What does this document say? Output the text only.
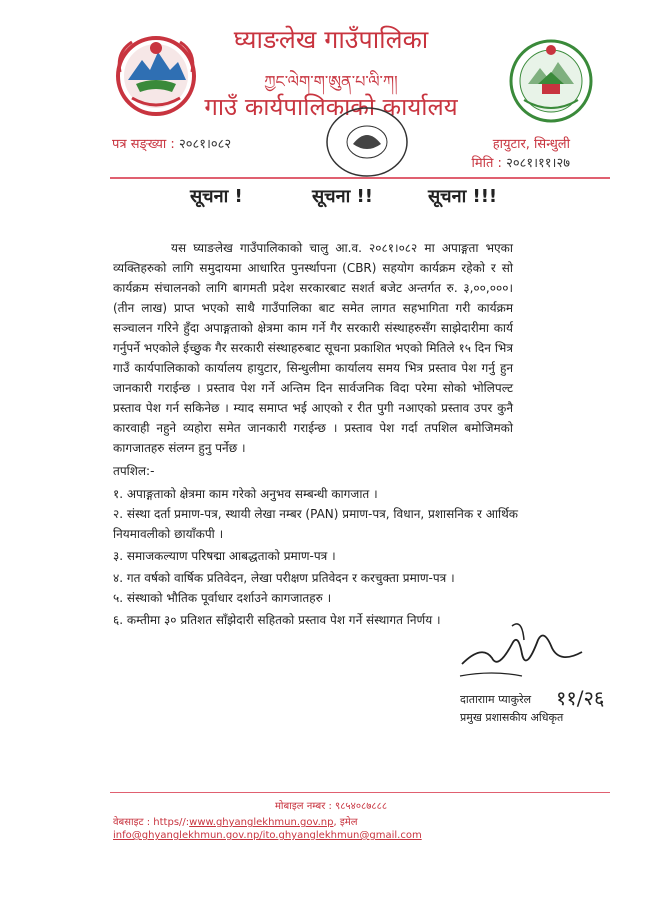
घ्याङलेख गाउँपालिका
ཀྱང་ལེག་ག་ཨུན་པ་ལི་ཀ།
गाउँ कार्यपालिकाको कार्यालय
पत्र सङ्ख्या : २०८१।०८२	हायुटार, सिन्धुली
मिति : २०८१।११।२७
सूचना !	सूचना !!	सूचना !!!
यस घ्याङलेख गाउँपालिकाको चालु आ.व. २०८१।०८२ मा अपाङ्गता भएका व्यक्तिहरुको लागि समुदायमा आधारित पुनर्स्थापना (CBR) सहयोग कार्यक्रम रहेको र सो कार्यक्रम संचालनको लागि बागमती प्रदेश सरकारबाट सशर्त बजेट अन्तर्गत रु. ३,००,०००। (तीन लाख) प्राप्त भएको साथै गाउँपालिका बाट समेत लागत सहभागिता गरी कार्यक्रम सञ्चालन गरिने हुँदा अपाङ्गताको क्षेत्रमा काम गर्ने गैर सरकारी संस्थाहरुसँग साझेदारीमा कार्य गर्नुपर्ने भएकोले ईच्छुक गैर सरकारी संस्थाहरुबाट सूचना प्रकाशित भएको मितिले १५ दिन भित्र गाउँ कार्यपालिकाको कार्यालय हायुटार, सिन्धुलीमा कार्यालय समय भित्र प्रस्ताव पेश गर्नु हुन जानकारी गराईन्छ । प्रस्ताव पेश गर्ने अन्तिम दिन सार्वजनिक विदा परेमा सोको भोलिपल्ट प्रस्ताव पेश गर्न सकिनेछ । म्याद समाप्त भई आएको र रीत पुगी नआएको प्रस्ताव उपर कुनै कारवाही नहुने व्यहोरा समेत जानकारी गराईन्छ । प्रस्ताव पेश गर्दा तपशिल बमोजिमको कागजातहरु संलग्न हुनु पर्नेछ ।
तपशिल:-
१. अपाङ्गताको क्षेत्रमा काम गरेको अनुभव सम्बन्धी कागजात ।
२. संस्था दर्ता प्रमाण-पत्र, स्थायी लेखा नम्बर (PAN) प्रमाण-पत्र, विधान, प्रशासनिक र आर्थिक नियमावलीको छायाँकपी ।
३. समाजकल्याण परिषद्मा आबद्धताको प्रमाण-पत्र ।
४. गत वर्षको वार्षिक प्रतिवेदन, लेखा परीक्षण प्रतिवेदन र करचुक्ता प्रमाण-पत्र ।
५. संस्थाको भौतिक पूर्वाधार दर्शाउने कागजातहरु ।
६. कम्तीमा ३० प्रतिशत साँझेदारी सहितको प्रस्ताव पेश गर्ने संस्थागत निर्णय ।
११/२६
दातारााम प्याकुरेल
प्रमुख प्रशासकीय अधिकृत
मोबाइल नम्बर : ९८५४०८७८८८
वेबसाइट : https//:www.ghyanglekhmun.gov.np, इमेल
info@ghyanglekhmun.gov.np/ito.ghyanglekhmun@gmail.com
